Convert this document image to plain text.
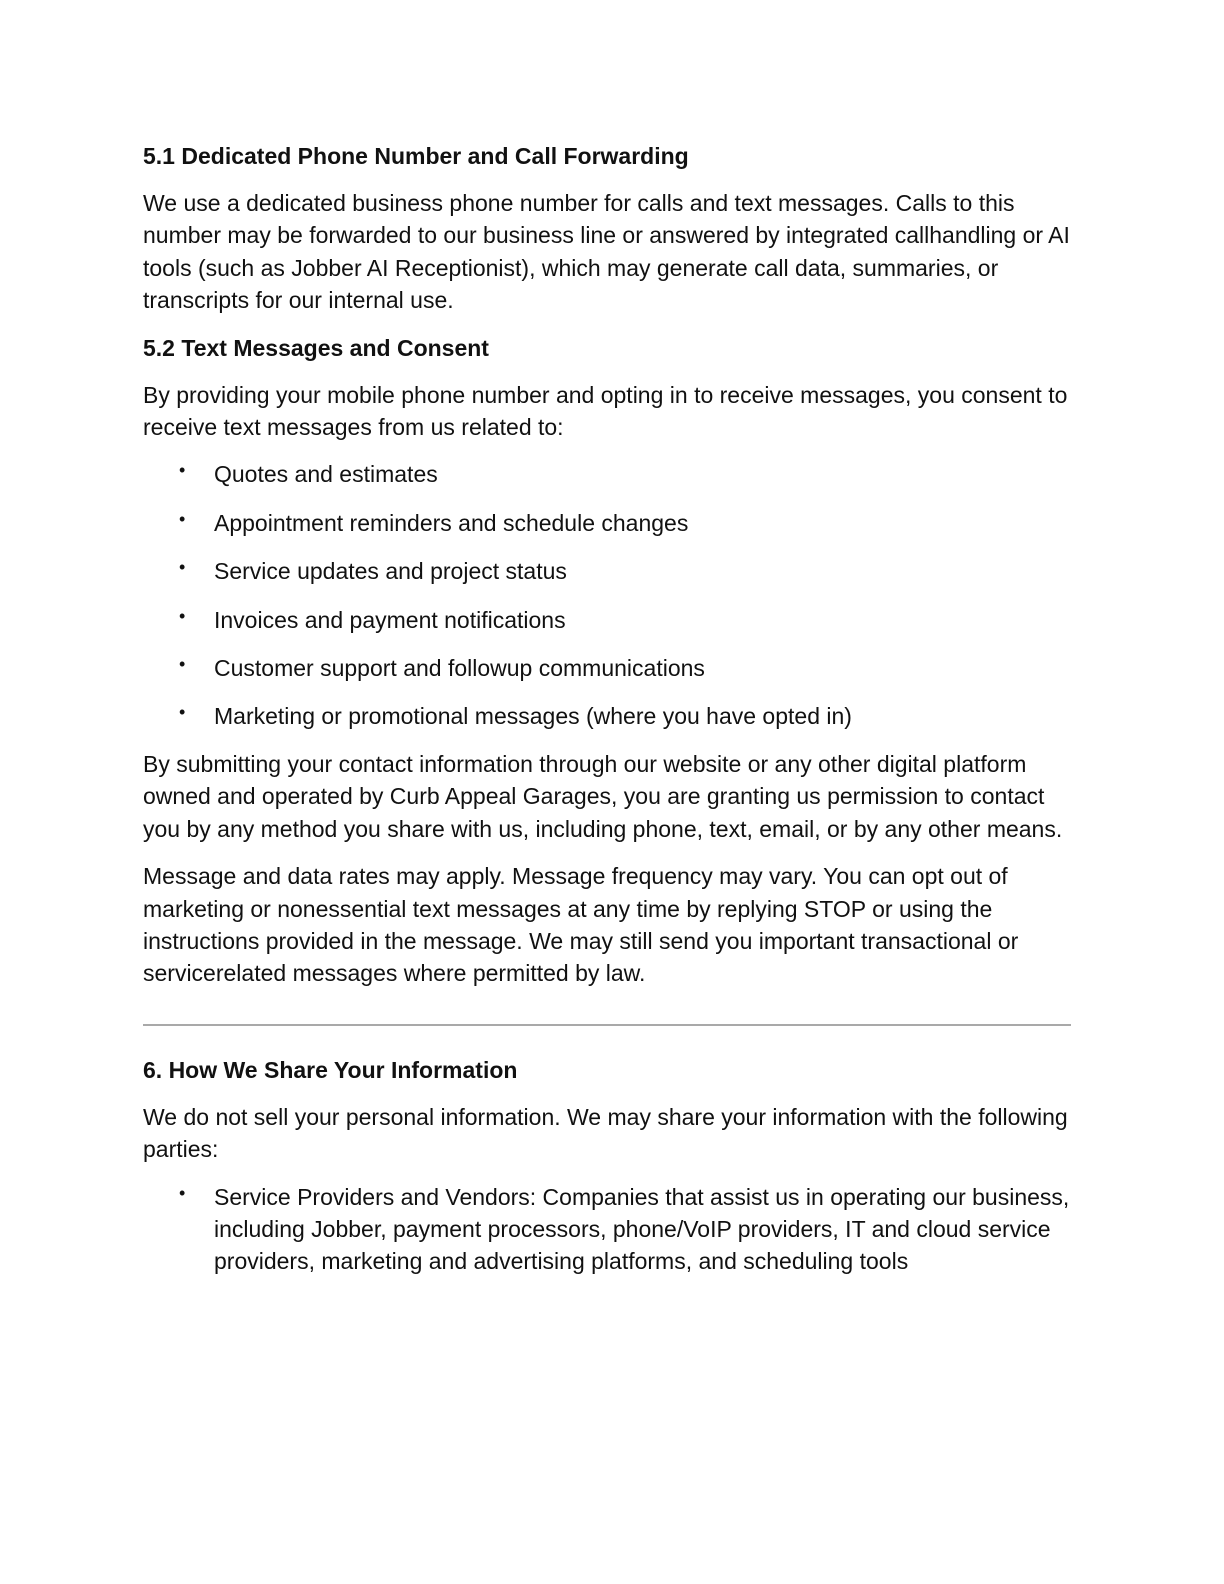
5.1 Dedicated Phone Number and Call Forwarding

We use a dedicated business phone number for calls and text messages. Calls to this number may be forwarded to our business line or answered by integrated callhandling or AI tools (such as Jobber AI Receptionist), which may generate call data, summaries, or transcripts for our internal use.

5.2 Text Messages and Consent

By providing your mobile phone number and opting in to receive messages, you consent to receive text messages from us related to:

• Quotes and estimates
• Appointment reminders and schedule changes
• Service updates and project status
• Invoices and payment notifications
• Customer support and followup communications
• Marketing or promotional messages (where you have opted in)

By submitting your contact information through our website or any other digital platform owned and operated by Curb Appeal Garages, you are granting us permission to contact you by any method you share with us, including phone, text, email, or by any other means.

Message and data rates may apply. Message frequency may vary. You can opt out of marketing or nonessential text messages at any time by replying STOP or using the instructions provided in the message. We may still send you important transactional or servicerelated messages where permitted by law.

6. How We Share Your Information

We do not sell your personal information. We may share your information with the following parties:

• Service Providers and Vendors: Companies that assist us in operating our business, including Jobber, payment processors, phone/VoIP providers, IT and cloud service providers, marketing and advertising platforms, and scheduling tools
